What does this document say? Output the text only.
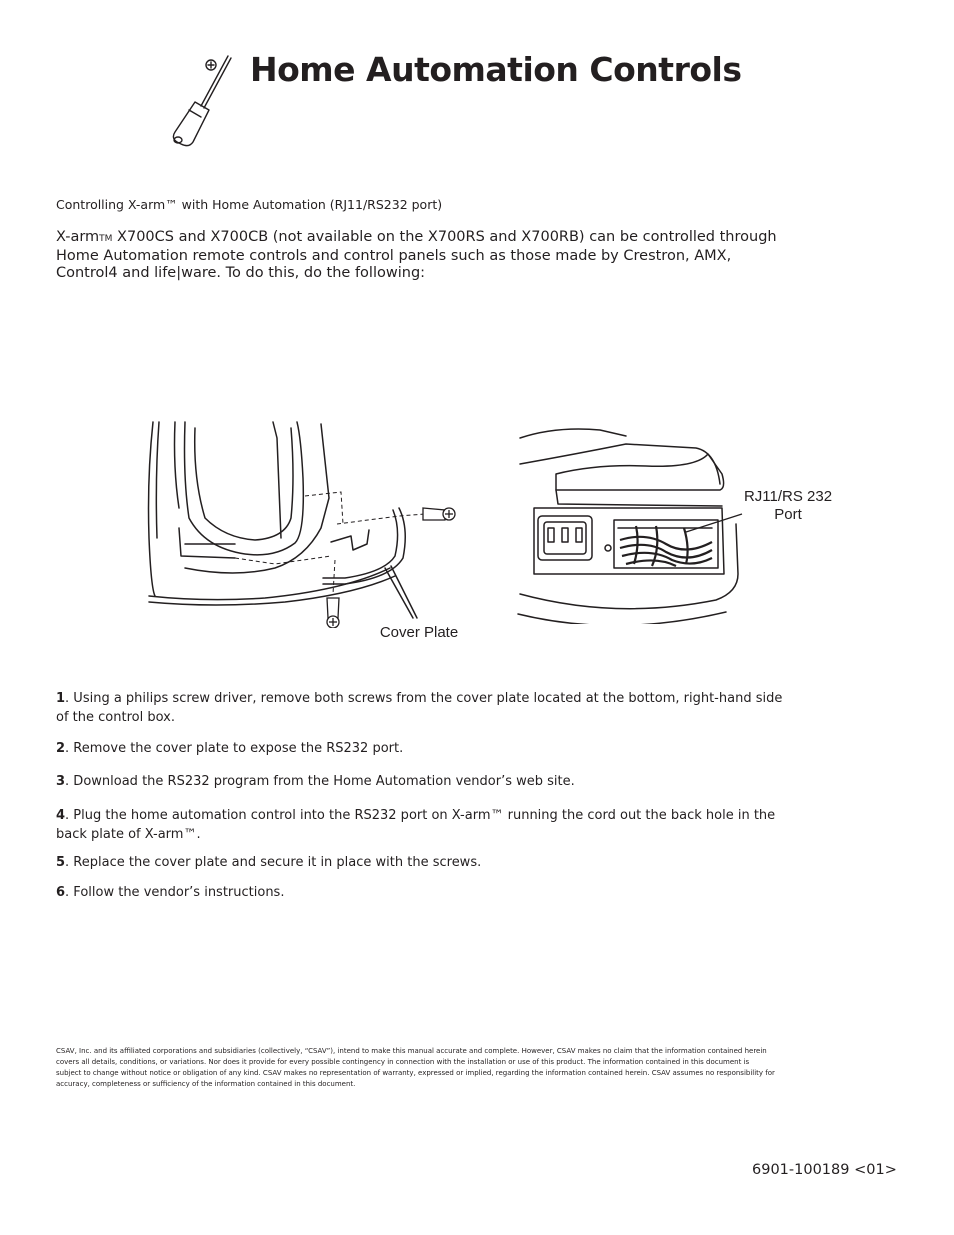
Home Automation Controls
Controlling X-arm™ with Home Automation (RJ11/RS232 port)
X-armTM X700CS and X700CB (not available on the X700RS and X700RB) can be controlled through Home Automation remote controls and control panels such as those made by Crestron, AMX, Control4 and life|ware. To do this, do the following:
Cover Plate
RJ11/RS 232
Port
1. Using a philips screw driver, remove both screws from the cover plate located at the bottom, right-hand side of the control box.
2. Remove the cover plate to expose the RS232 port.
3. Download the RS232 program from the Home Automation vendor’s web site.
4. Plug the home automation control into the RS232 port on X-arm™ running the cord out the back hole in the back plate of X-arm™.
5. Replace the cover plate and secure it in place with the screws.
6. Follow the vendor’s instructions.
CSAV, Inc. and its affiliated corporations and subsidiaries (collectively, “CSAV”), intend to make this manual accurate and complete. However, CSAV makes no claim that the information contained herein covers all details, conditions, or variations. Nor does it provide for every possible contingency in connection with the installation or use of this product. The information contained in this document is subject to change without notice or obligation of any kind. CSAV makes no representation of warranty, expressed or implied, regarding the information contained herein. CSAV assumes no responsibility for accuracy, completeness or sufficiency of the information contained in this document.
6901-100189 <01>
